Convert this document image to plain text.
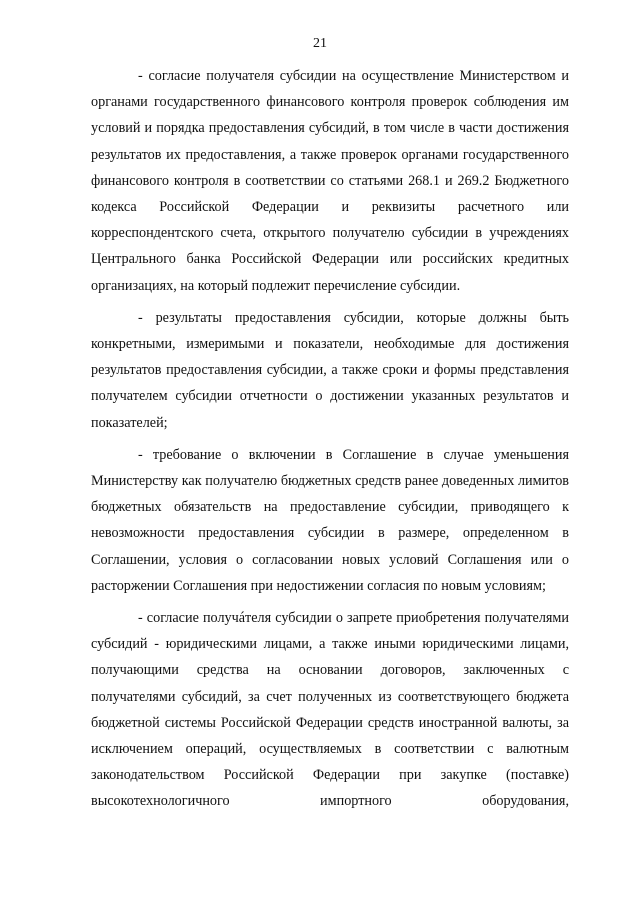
21

- согласие получателя субсидии на осуществление Министерством и органами государственного финансового контроля проверок соблюдения им условий и порядка предоставления субсидий, в том числе в части достижения результатов их предоставления, а также проверок органами государственного финансового контроля в соответствии со статьями 268.1 и 269.2 Бюджетного кодекса Российской Федерации и реквизиты расчетного или корреспондентского счета, открытого получателю субсидии в учреждениях Центрального банка Российской Федерации или российских кредитных организациях, на который подлежит перечисление субсидии.

- результаты предоставления субсидии, которые должны быть конкретными, измеримыми и показатели, необходимые для достижения результатов предоставления субсидии, а также сроки и формы представления получателем субсидии отчетности о достижении указанных результатов и показателей;

- требование о включении в Соглашение в случае уменьшения Министерству как получателю бюджетных средств ранее доведенных лимитов бюджетных обязательств на предоставление субсидии, приводящего к невозможности предоставления субсидии в размере, определенном в Соглашении, условия о согласовании новых условий Соглашения или о расторжении Соглашения при недостижении согласия по новым условиям;

- согласие получáтеля субсидии о запрете приобретения получателями субсидий - юридическими лицами, а также иными юридическими лицами, получающими средства на основании договоров, заключенных с получателями субсидий, за счет полученных из соответствующего бюджета бюджетной системы Российской Федерации средств иностранной валюты, за исключением операций, осуществляемых в соответствии с валютным законодательством Российской Федерации при закупке (поставке) высокотехнологичного импортного оборудования,
